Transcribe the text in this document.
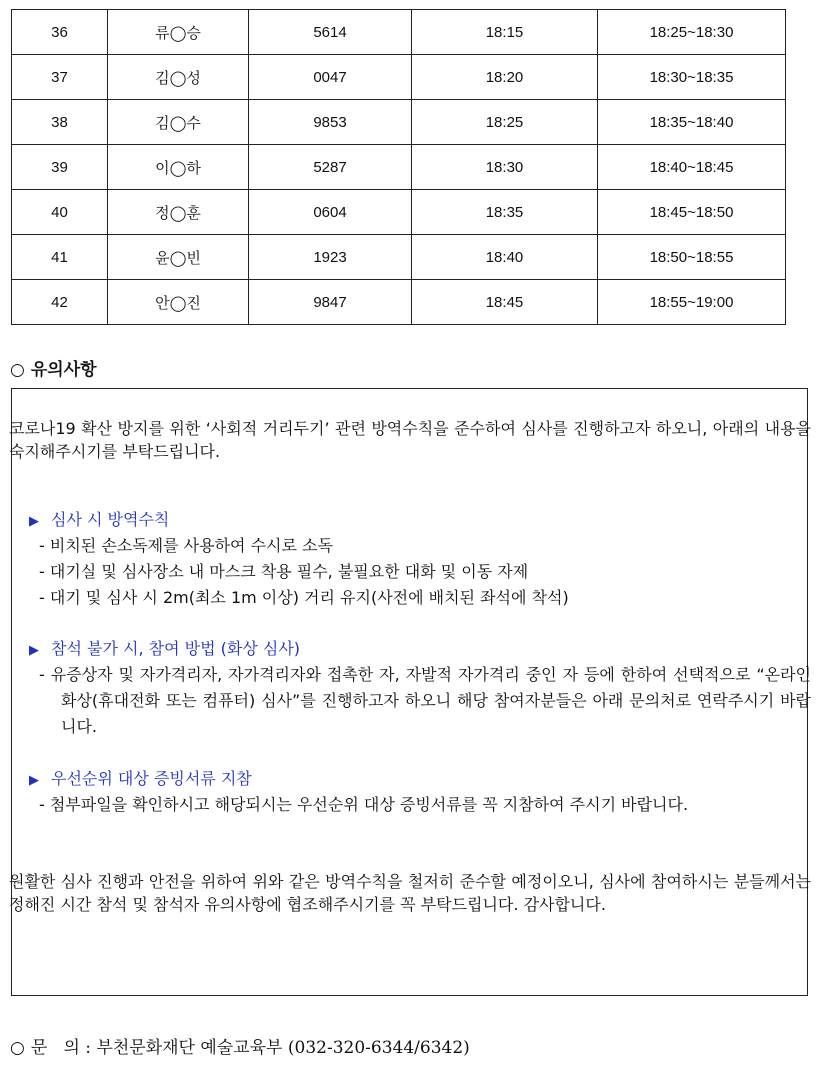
36	류◯승	5614	18:15	18:25~18:30
37	김◯성	0047	18:20	18:30~18:35
38	김◯수	9853	18:25	18:35~18:40
39	이◯하	5287	18:30	18:40~18:45
40	정◯훈	0604	18:35	18:45~18:50
41	윤◯빈	1923	18:40	18:50~18:55
42	안◯진	9847	18:45	18:55~19:00
○ 유의사항
코로나19 확산 방지를 위한 ‘사회적 거리두기’ 관련 방역수칙을 준수하여 심사를 진행하고자 하오니, 아래의 내용을 숙지해주시기를 부탁드립니다.
▶ 심사 시 방역수칙
- 비치된 손소독제를 사용하여 수시로 소독
- 대기실 및 심사장소 내 마스크 착용 필수, 불필요한 대화 및 이동 자제
- 대기 및 심사 시 2m(최소 1m 이상) 거리 유지(사전에 배치된 좌석에 착석)
▶ 참석 불가 시, 참여 방법 (화상 심사)
- 유증상자 및 자가격리자, 자가격리자와 접촉한 자, 자발적 자가격리 중인 자 등에 한하여 선택적으로 “온라인 화상(휴대전화 또는 컴퓨터) 심사”를 진행하고자 하오니 해당 참여자분들은 아래 문의처로 연락주시기 바랍니다.
▶ 우선순위 대상 증빙서류 지참
- 첨부파일을 확인하시고 해당되시는 우선순위 대상 증빙서류를 꼭 지참하여 주시기 바랍니다.
원활한 심사 진행과 안전을 위하여 위와 같은 방역수칙을 철저히 준수할 예정이오니, 심사에 참여하시는 분들께서는 정해진 시간 참석 및 참석자 유의사항에 협조해주시기를 꼭 부탁드립니다. 감사합니다.
○ 문   의 : 부천문화재단 예술교육부 (032-320-6344/6342)
